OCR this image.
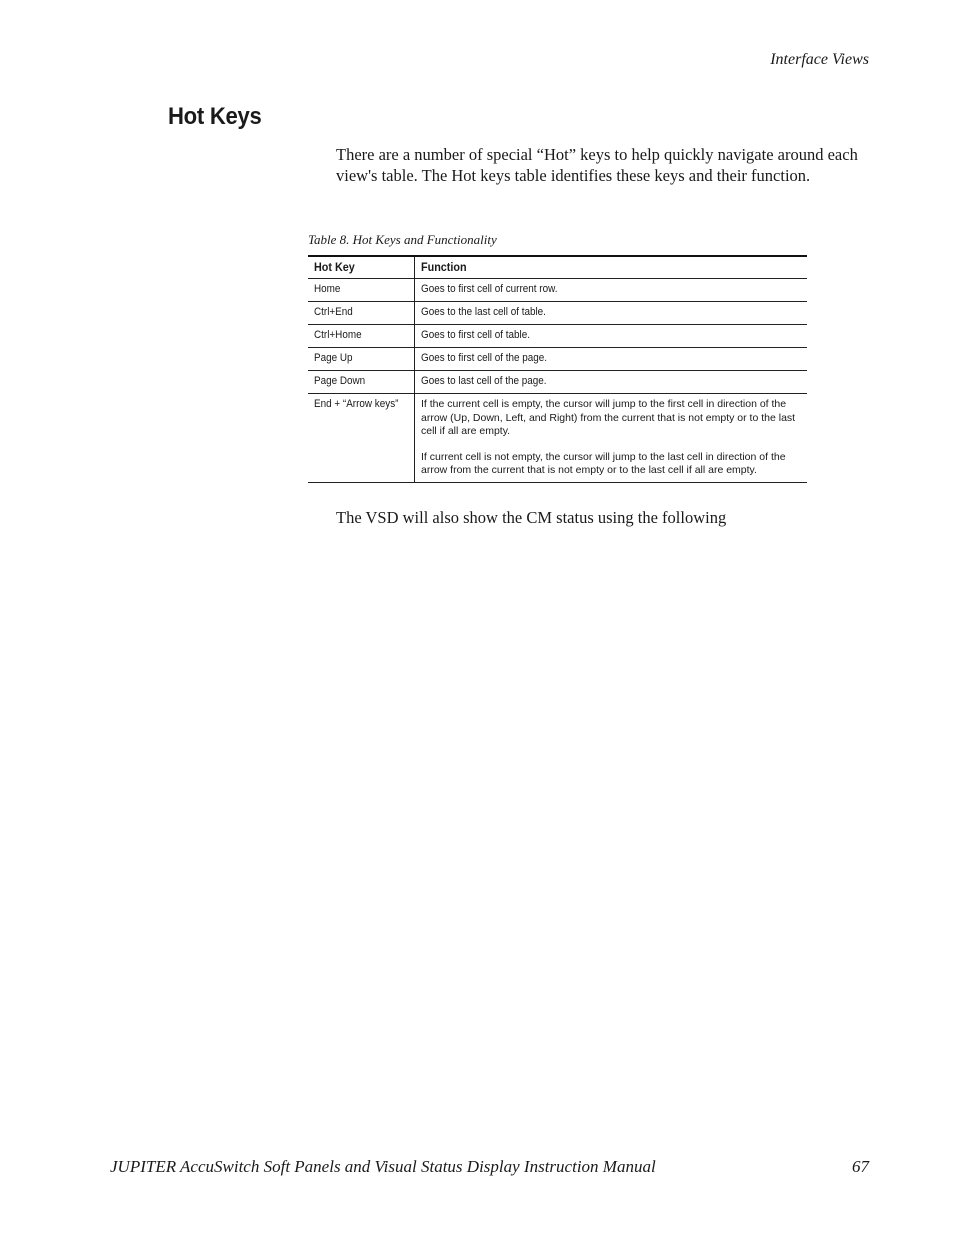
Interface Views
Hot Keys

There are a number of special “Hot” keys to help quickly navigate around each view's table. The Hot keys table identifies these keys and their function.

Table 8. Hot Keys and Functionality
Hot Key	Function
Home	Goes to first cell of current row.

Ctrl+End	Goes to the last cell of table.

Ctrl+Home	Goes to first cell of table.

Page Up	Goes to first cell of the page.

Page Down	Goes to last cell of the page.

End + “Arrow keys”	If the current cell is empty, the cursor will jump to the first cell in direction of the arrow (Up, Down, Left, and Right) from the current that is not empty or to the last cell if all are empty.

If current cell is not empty, the cursor will jump to the last cell in direction of the arrow from the current that is not empty or to the last cell if all are empty.

The VSD will also show the CM status using the following

JUPITER AccuSwitch Soft Panels and Visual Status Display Instruction Manual	67
